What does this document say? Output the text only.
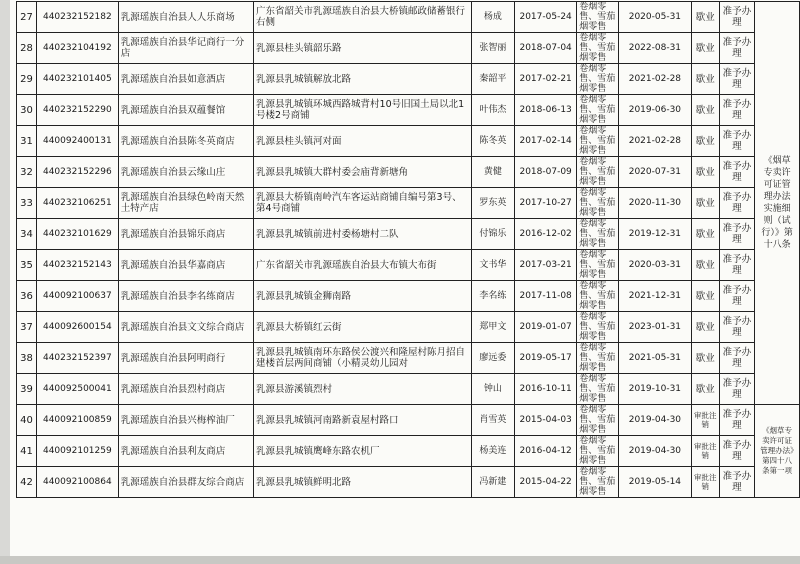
27	440232152182	乳源瑶族自治县人人乐商场	广东省韶关市乳源瑶族自治县大桥镇邮政储蓄银行右侧	杨成	2017-05-24	卷烟零售、雪茄烟零售	2020-05-31	歇业	准予办理	《烟草专卖许可证管理办法实施细则（试行）》第十八条
28	440232104192	乳源瑶族自治县华记商行一分店	乳源县桂头镇韶乐路	张智丽	2018-07-04	卷烟零售、雪茄烟零售	2022-08-31	歇业	准予办理	
29	440232101405	乳源瑶族自治县如意酒店	乳源县乳城镇解放北路	秦韶平	2017-02-21	卷烟零售、雪茄烟零售	2021-02-28	歇业	准予办理	
30	440232152290	乳源瑶族自治县双蕴餐馆	乳源县乳城镇环城西路城背村10号旧国土局以北1号楼2号商铺	叶伟杰	2018-06-13	卷烟零售、雪茄烟零售	2019-06-30	歇业	准予办理	
31	440092400131	乳源瑶族自治县陈冬英商店	乳源县桂头镇河对面	陈冬英	2017-02-14	卷烟零售、雪茄烟零售	2021-02-28	歇业	准予办理	
32	440232152296	乳源瑶族自治县云缘山庄	乳源县乳城镇大群村委会庙背新塘角	黄健	2018-07-09	卷烟零售、雪茄烟零售	2020-07-31	歇业	准予办理	
33	440232106251	乳源瑶族自治县绿色岭南天然土特产店	乳源县大桥镇南岭汽车客运站商铺自编号第3号、第4号商铺	罗东英	2017-10-27	卷烟零售、雪茄烟零售	2020-11-30	歇业	准予办理	
34	440232101629	乳源瑶族自治县锦乐商店	乳源县乳城镇前进村委杨塘村二队	付锦乐	2016-12-02	卷烟零售、雪茄烟零售	2019-12-31	歇业	准予办理	
35	440232152143	乳源瑶族自治县华嘉商店	广东省韶关市乳源瑶族自治县大布镇大布街	文书华	2017-03-21	卷烟零售、雪茄烟零售	2020-03-31	歇业	准予办理	
36	440092100637	乳源瑶族自治县李名练商店	乳源县乳城镇金狮南路	李名练	2017-11-08	卷烟零售、雪茄烟零售	2021-12-31	歇业	准予办理	
37	440092600154	乳源瑶族自治县文文综合商店	乳源县大桥镇红云街	郑甲文	2019-01-07	卷烟零售、雪茄烟零售	2023-01-31	歇业	准予办理	
38	440232152397	乳源瑶族自治县阿明商行	乳源县乳城镇南环东路侯公渡兴和隆屋村陈月招自建楼首层两间商铺（小精灵幼儿园对	廖远委	2019-05-17	卷烟零售、雪茄烟零售	2021-05-31	歇业	准予办理	
39	440092500041	乳源瑶族自治县烈村商店	乳源县游溪镇烈村	钟山	2016-10-11	卷烟零售、雪茄烟零售	2019-10-31	歇业	准予办理	
40	440092100859	乳源瑶族自治县兴梅榨油厂	乳源县乳城镇河南路新袁屋村路口	肖雪英	2015-04-03	卷烟零售、雪茄烟零售	2019-04-30	审批注销	准予办理	《烟草专卖许可证管理办法》第四十八条第一项
41	440092101259	乳源瑶族自治县利友商店	乳源县乳城镇鹰峰东路农机厂	杨美连	2016-04-12	卷烟零售、雪茄烟零售	2019-04-30	审批注销	准予办理	
42	440092100864	乳源瑶族自治县群友综合商店	乳源县乳城镇鲜明北路	冯新建	2015-04-22	卷烟零售、雪茄烟零售	2019-05-14	审批注销	准予办理	
